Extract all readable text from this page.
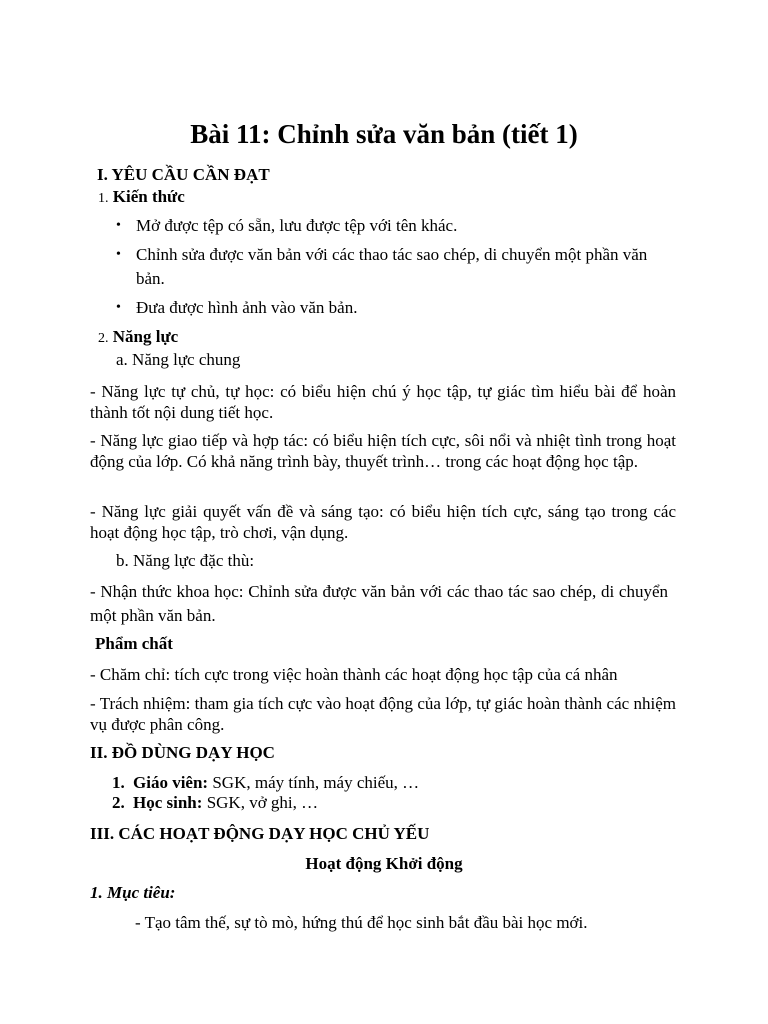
Bài 11: Chỉnh sửa văn bản (tiết 1)
I. YÊU CẦU CẦN ĐẠT
1. Kiến thức
• Mở được tệp có sẵn, lưu được tệp với tên khác.
• Chỉnh sửa được văn bản với các thao tác sao chép, di chuyển một phần văn bản.
• Đưa được hình ảnh vào văn bản.
2. Năng lực
a. Năng lực chung

- Năng lực tự chủ, tự học: có biểu hiện chú ý học tập, tự giác tìm hiểu bài để hoàn thành tốt nội dung tiết học.

- Năng lực giao tiếp và hợp tác: có biểu hiện tích cực, sôi nổi và nhiệt tình trong hoạt động của lớp. Có khả năng trình bày, thuyết trình… trong các hoạt động học tập.

- Năng lực giải quyết vấn đề và sáng tạo: có biểu hiện tích cực, sáng tạo trong các hoạt động học tập, trò chơi, vận dụng.

b. Năng lực đặc thù:

- Nhận thức khoa học: Chỉnh sửa được văn bản với các thao tác sao chép, di chuyển một phần văn bản.

Phẩm chất

- Chăm chỉ: tích cực trong việc hoàn thành các hoạt động học tập của cá nhân

- Trách nhiệm: tham gia tích cực vào hoạt động của lớp, tự giác hoàn thành các nhiệm vụ được phân công.

II. ĐỒ DÙNG DẠY HỌC
1. Giáo viên: SGK, máy tính, máy chiếu, …
2. Học sinh: SGK, vở ghi, …
III. CÁC HOẠT ĐỘNG DẠY HỌC CHỦ YẾU
Hoạt động Khởi động
1. Mục tiêu:
- Tạo tâm thế, sự tò mò, hứng thú để học sinh bắt đầu bài học mới.
